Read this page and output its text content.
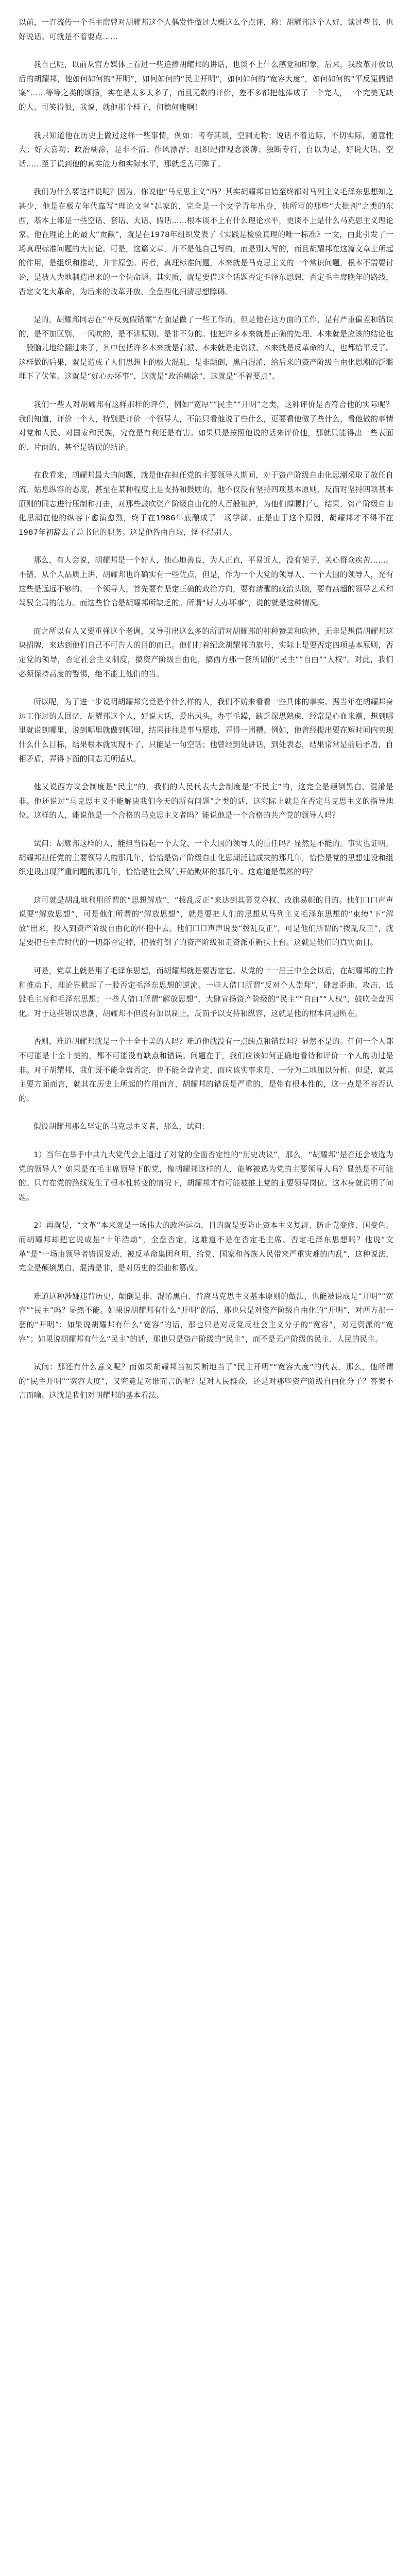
以前，一直流传一个毛主席曾对胡耀邦这个人偶发性做过大概这么个点评，称：胡耀邦这个人好，读过些书，也好说话。可就是不着要点……

我自己呢，以前从官方媒体上看过一些追捧胡耀邦的讲话，也谈不上什么感觉和印象。后来，我改革开放以后的胡耀邦，他如何如何的“开明”，如何如何的“民主开明”，如何如何的“宽容大度”，如何如何的“平反冤假错案”……等等之类的颂扬，实在是太多太多了，而且无数的评价，差不多都把他捧成了一个完人，一个完美无缺的人。可笑得很，我说，就他那个样子，何德何能啊！

我只知道他在历史上做过这样一些事情，例如：考夸其谈，空洞无物；说话不着边际，不切实际，随意性大；好大喜功；政治糊涂，是非不清；作风漂浮；组织纪律观念淡薄；独断专行，自以为是，好说大话、空话……至于说到他的真实能力和实际水平，那就乏善可陈了。

我们为什么要这样说呢？因为，你说他“马克思主义”吗？其实胡耀邦自始至终都对马列主义毛泽东思想知之甚少，他是在极左年代靠写“理论文章”起家的，完全是一个文学青年出身，他所写的那些“大批判”之类的东西，基本上都是一些空话、套话、大话、假话……根本谈不上有什么理论水平，更谈不上是什么马克思主义理论家。他在理论上的最大“贡献”，就是在1978年组织发表了《实践是检验真理的唯一标准》一文，由此引发了一场真理标准问题的大讨论。可是，这篇文章，并不是他自己写的，而是别人写的，而且胡耀邦在这篇文章上所起的作用，是组织和推动，并非原创。再者，真理标准问题，本来就是马克思主义的一个常识问题，根本不需要讨论，是被人为地制造出来的一个伪命题。其实质，就是要借这个话题否定毛泽东思想，否定毛主席晚年的路线，否定文化大革命，为后来的改革开放、全盘西化扫清思想障碍。

是的，胡耀邦同志在“平反冤假错案”方面是做了一些工作的，但是他在这方面的工作，是有严重偏差和错误的，是不加区别、一风吹的，是不讲原则、是非不分的。他把许多本来就是正确的处理、本来就是应该的结论也一股脑儿地给翻过来了，其中包括许多本来就是右派、本来就是走资派、本来就是反革命的人，也都给平反了。这样做的后果，就是造成了人们思想上的极大混乱，是非颠倒，黑白混淆，给后来的资产阶级自由化思潮的泛滥埋下了伏笔。这就是“好心办坏事”，这就是“政治糊涂”，这就是“不着要点”。

我们一些人对胡耀邦有这样那样的评价，例如“宽厚”“民主”“开明”之类，这种评价是否符合他的实际呢？我们知道，评价一个人，特别是评价一个领导人，不能只看他说了些什么，更要看他做了些什么，看他做的事情对党和人民、对国家和民族，究竟是有利还是有害。如果只是按照他说的话来评价他，那就只能得出一些表面的、片面的、甚至是错误的结论。

在我看来，胡耀邦最大的问题，就是他在担任党的主要领导人期间，对于资产阶级自由化思潮采取了放任自流、姑息纵容的态度，甚至在某种程度上是支持和鼓励的。他不仅没有坚持四项基本原则，反而对坚持四项基本原则的同志进行压制和打击，对那些鼓吹资产阶级自由化的人百般袒护，为他们撑腰打气。结果，资产阶级自由化思潮在他的纵容下愈演愈烈，终于在1986年底酿成了一场学潮。正是由于这个原因，胡耀邦才不得不在1987年初辞去了总书记的职务。这是他咎由自取，怪不得别人。

那么，有人会说，胡耀邦是一个好人，他心地善良，为人正直，平易近人，没有架子，关心群众疾苦……。不错，从个人品质上讲，胡耀邦也许确实有一些优点，但是，作为一个大党的领导人、一个大国的领导人，光有这些是远远不够的。一个领导人，首先要有坚定正确的政治方向，要有清醒的政治头脑，要有高超的领导艺术和驾驭全局的能力。而这些恰恰是胡耀邦所缺乏的。所谓“好人办坏事”，说的就是这种情况。

而之所以有人又要重弹这个老调，又导引出这么多的所谓对胡耀邦的种种赞美和吹捧，无非是想借胡耀邦这块招牌，来达到他们自己不可告人的目的而已。他们打着纪念胡耀邦的旗号，实际上是要否定四项基本原则，否定党的领导，否定社会主义制度，搞资产阶级自由化，搞西方那一套所谓的“民主”“自由”“人权”。对此，我们必须保持高度的警惕，绝不能上他们的当。

所以呢，为了进一步说明胡耀邦究竟是个什么样的人，我们不妨来看看一些具体的事实。据当年在胡耀邦身边工作过的人回忆，胡耀邦这个人，好说大话，爱出风头，办事毛躁，缺乏深思熟虑，经常是心血来潮，想到哪里就说到哪里，说到哪里就做到哪里，结果往往是事与愿违，弄得一团糟。例如，他曾经提出要在短时间内实现什么什么目标，结果根本就实现不了，只能是一句空话；他曾经到处讲话，到处表态，结果常常是前后矛盾，自相矛盾，弄得下面的同志无所适从。

他又说西方议会制度是“民主”的，我们的人民代表大会制度是“不民主”的，这完全是颠倒黑白、混淆是非。他还说过“马克思主义不能解决我们今天的所有问题”之类的话，这实际上就是在否定马克思主义的指导地位。这样的人，能说他是一个合格的马克思主义者吗？能说他是一个合格的共产党的领导人吗？

试问：胡耀邦这样的人，能担当得起一个大党、一个大国的领导人的重任吗？显然是不能的。事实也证明，胡耀邦担任党的主要领导人的那几年，恰恰是资产阶级自由化思潮泛滥成灾的那几年，恰恰是党的思想建设和组织建设出现严重问题的那几年，恰恰是社会风气开始败坏的那几年。这难道是偶然的吗？

这可就是胡乱地利用所谓的“思想解放”，“拨乱反正”来达到其篡党夺权、改旗易帜的目的。他们口口声声说要“解放思想”，可是他们所谓的“解放思想”，就是要把人们的思想从马列主义毛泽东思想的“束缚”下“解放”出来，投入到资产阶级自由化的怀抱中去。他们口口声声说要“拨乱反正”，可是他们所谓的“拨乱反正”，就是要把毛主席时代的一切都否定掉，把被打倒了的资产阶级和走资派重新扶上台。这就是他们的真实面目。

可是，党章上就是用了毛泽东思想，而胡耀邦就是要否定它。从党的十一届三中全会以后，在胡耀邦的主持和推动下，理论界掀起了一股否定毛泽东思想的逆流。一些人借口所谓“反对个人崇拜”，肆意歪曲、攻击、诋毁毛主席和毛泽东思想；一些人借口所谓“解放思想”，大肆宣扬资产阶级的“民主”“自由”“人权”，鼓吹全盘西化。对于这些错误思潮，胡耀邦不但没有加以制止，反而予以支持和纵容，这就是他的根本问题所在。

否则，难道胡耀邦就是一个十全十美的人吗？难道他就没有一点缺点和错误吗？显然不是的。任何一个人都不可能是十全十美的，都不可能没有缺点和错误。问题在于，我们应该如何正确地看待和评价一个人的功过是非。对于胡耀邦，我们既不能全盘否定，也不能全盘肯定，而应该实事求是、一分为二地加以分析。但是，就其主要方面而言，就其在历史上所起的作用而言，胡耀邦的错误是严重的，是带有根本性的，这一点是不容否认的。

假设胡耀邦那么坚定的马克思主义者，那么，试问：

1）当年在举手中共九大党代会上通过了对党的全面否定性的“历史决议”，那么，“胡耀邦”是否还会被选为党的领导人？如果是在毛主席领导下的党，像胡耀邦这样的人，能够被选为党的主要领导人吗？显然是不可能的。只有在党的路线发生了根本性转变的情况下，胡耀邦才有可能被推上党的主要领导岗位。这本身就说明了问题。

2）再就是，“文革”本来就是一场伟大的政治运动，目的就是要防止资本主义复辟、防止党变修、国变色。而胡耀邦却把它说成是“十年浩劫”，全盘否定，这难道不是在否定毛主席、否定毛泽东思想吗？他说“文革”是“一场由领导者错误发动、被反革命集团利用，给党、国家和各族人民带来严重灾难的内乱”，这种说法，完全是颠倒黑白、混淆是非，是对历史的歪曲和篡改。

难道这种涉嫌违背历史、颠倒是非、混淆黑白、背离马克思主义基本原则的做法，也能被说成是“开明”“宽容”“民主”吗？显然不能。如果说胡耀邦有什么“开明”的话，那也只是对资产阶级自由化的“开明”，对西方那一套的“开明”；如果说胡耀邦有什么“宽容”的话，那也只是对反党反社会主义分子的“宽容”，对走资派的“宽容”；如果说胡耀邦有什么“民主”的话，那也只是资产阶级的“民主”，而不是无产阶级的民主、人民的民主。

试问：那还有什么意义呢？而如果胡耀邦当初果断地当了“民主开明”“宽容大度”的代表，那么，他所谓的“民主开明”“宽容大度”，又究竟是对谁而言的呢？是对人民群众，还是对那些资产阶级自由化分子？答案不言而喻。这就是我们对胡耀邦的基本看法。
